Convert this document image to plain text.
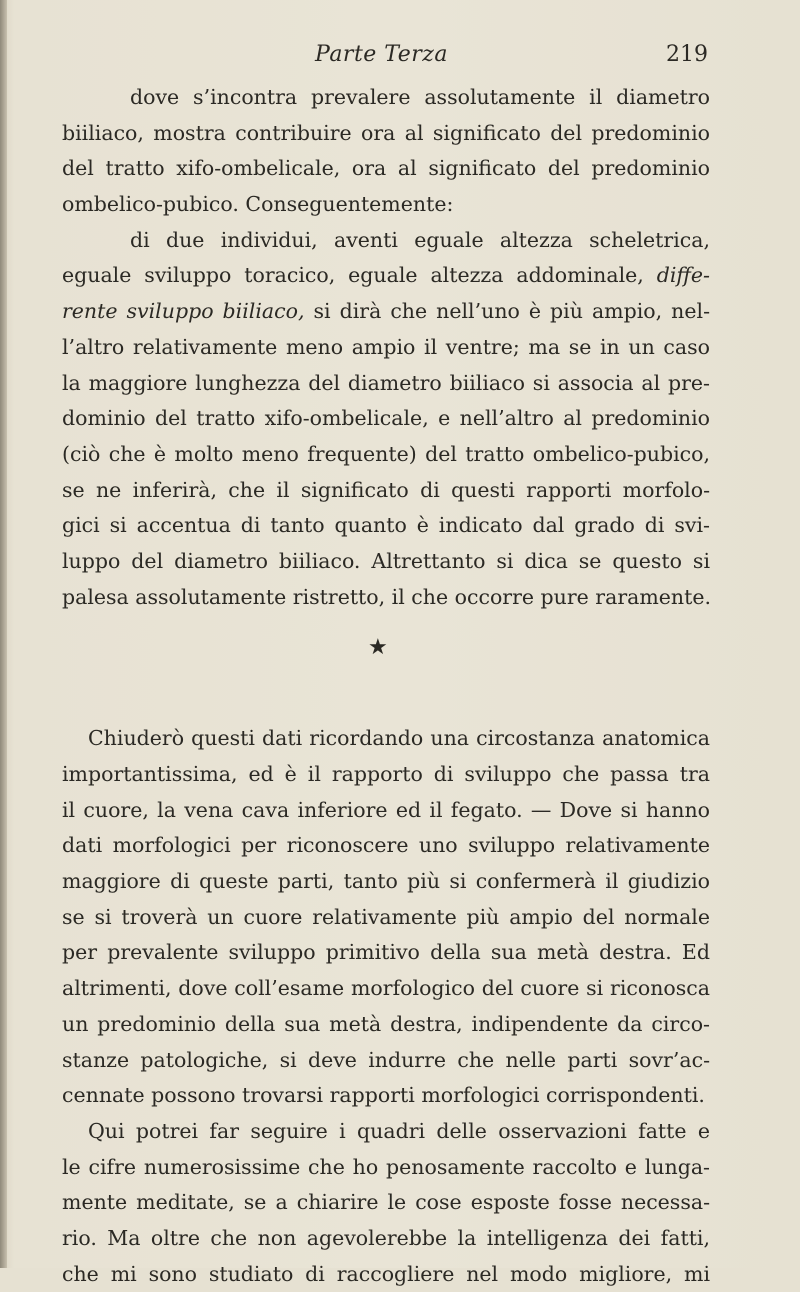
Parte Terza	219
dove s’incontra prevalere assolutamente il diametro
biiliaco, mostra contribuire ora al significato del predominio
del tratto xifo-ombelicale, ora al significato del predominio
ombelico-pubico. Conseguentemente:
di due individui, aventi eguale altezza scheletrica,
eguale sviluppo toracico, eguale altezza addominale, diffe-
rente sviluppo biiliaco, si dirà che nell’uno è più ampio, nel-
l’altro relativamente meno ampio il ventre; ma se in un caso
la maggiore lunghezza del diametro biiliaco si associa al pre-
dominio del tratto xifo-ombelicale, e nell’altro al predominio
(ciò che è molto meno frequente) del tratto ombelico-pubico,
se ne inferirà, che il significato di questi rapporti morfolo-
gici si accentua di tanto quanto è indicato dal grado di svi-
luppo del diametro biiliaco. Altrettanto si dica se questo si
palesa assolutamente ristretto, il che occorre pure raramente.
★
Chiuderò questi dati ricordando una circostanza anatomica
importantissima, ed è il rapporto di sviluppo che passa tra
il cuore, la vena cava inferiore ed il fegato. — Dove si hanno
dati morfologici per riconoscere uno sviluppo relativamente
maggiore di queste parti, tanto più si confermerà il giudizio
se si troverà un cuore relativamente più ampio del normale
per prevalente sviluppo primitivo della sua metà destra. Ed
altrimenti, dove coll’esame morfologico del cuore si riconosca
un predominio della sua metà destra, indipendente da circo-
stanze patologiche, si deve indurre che nelle parti sovr’ac-
cennate possono trovarsi rapporti morfologici corrispondenti.
Qui potrei far seguire i quadri delle osservazioni fatte e
le cifre numerosissime che ho penosamente raccolto e lunga-
mente meditate, se a chiarire le cose esposte fosse necessa-
rio. Ma oltre che non agevolerebbe la intelligenza dei fatti,
che mi sono studiato di raccogliere nel modo migliore, mi
